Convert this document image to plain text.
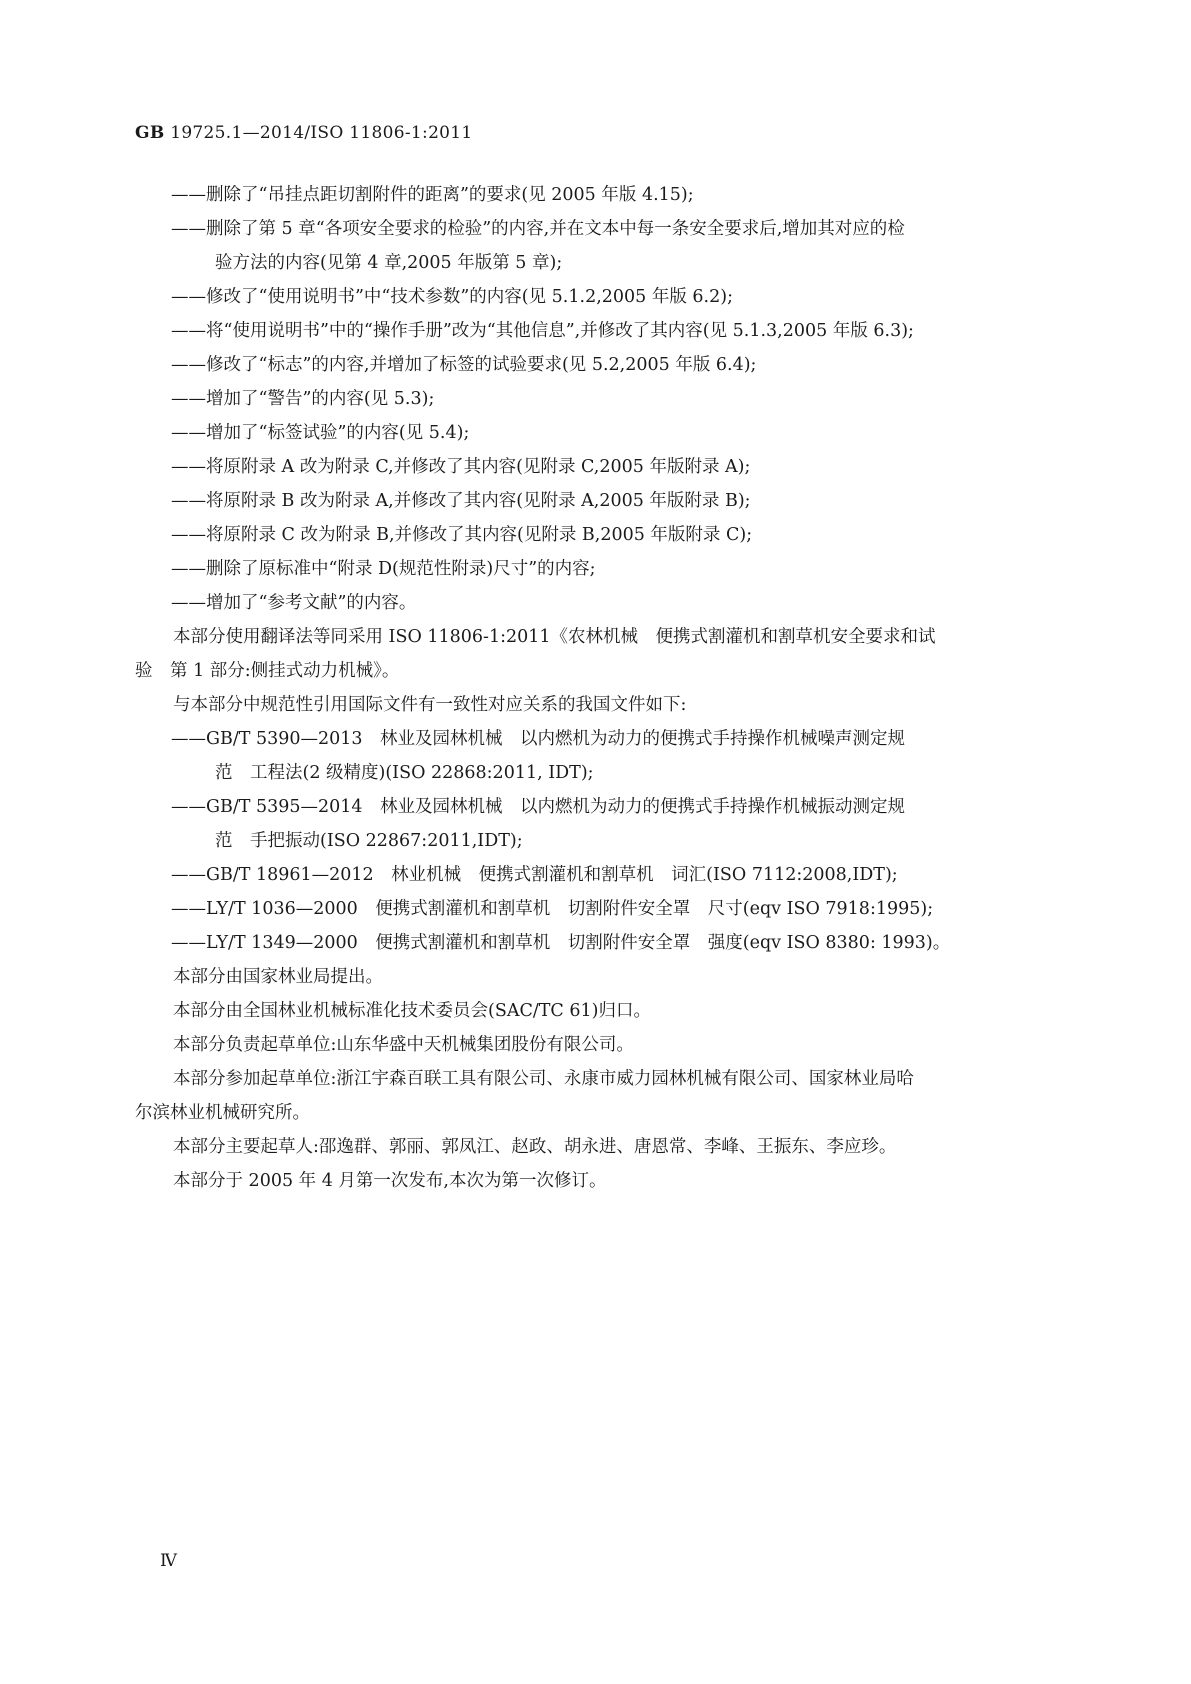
GB 19725.1—2014/ISO 11806-1:2011
——删除了“吊挂点距切割附件的距离”的要求(见 2005 年版 4.15);
——删除了第 5 章“各项安全要求的检验”的内容,并在文本中每一条安全要求后,增加其对应的检
验方法的内容(见第 4 章,2005 年版第 5 章);
——修改了“使用说明书”中“技术参数”的内容(见 5.1.2,2005 年版 6.2);
——将“使用说明书”中的“操作手册”改为“其他信息”,并修改了其内容(见 5.1.3,2005 年版 6.3);
——修改了“标志”的内容,并增加了标签的试验要求(见 5.2,2005 年版 6.4);
——增加了“警告”的内容(见 5.3);
——增加了“标签试验”的内容(见 5.4);
——将原附录 A 改为附录 C,并修改了其内容(见附录 C,2005 年版附录 A);
——将原附录 B 改为附录 A,并修改了其内容(见附录 A,2005 年版附录 B);
——将原附录 C 改为附录 B,并修改了其内容(见附录 B,2005 年版附录 C);
——删除了原标准中“附录 D(规范性附录)尺寸”的内容;
——增加了“参考文献”的内容。
本部分使用翻译法等同采用 ISO 11806-1:2011《农林机械　便携式割灌机和割草机安全要求和试
验　第 1 部分:侧挂式动力机械》。
与本部分中规范性引用国际文件有一致性对应关系的我国文件如下:
——GB/T 5390—2013　林业及园林机械　以内燃机为动力的便携式手持操作机械噪声测定规
范　工程法(2 级精度)(ISO 22868:2011, IDT);
——GB/T 5395—2014　林业及园林机械　以内燃机为动力的便携式手持操作机械振动测定规
范　手把振动(ISO 22867:2011,IDT);
——GB/T 18961—2012　林业机械　便携式割灌机和割草机　词汇(ISO 7112:2008,IDT);
——LY/T 1036—2000　便携式割灌机和割草机　切割附件安全罩　尺寸(eqv ISO 7918:1995);
——LY/T 1349—2000　便携式割灌机和割草机　切割附件安全罩　强度(eqv ISO 8380: 1993)。
本部分由国家林业局提出。
本部分由全国林业机械标准化技术委员会(SAC/TC 61)归口。
本部分负责起草单位:山东华盛中天机械集团股份有限公司。
本部分参加起草单位:浙江宇森百联工具有限公司、永康市威力园林机械有限公司、国家林业局哈
尔滨林业机械研究所。
本部分主要起草人:邵逸群、郭丽、郭凤江、赵政、胡永进、唐恩常、李峰、王振东、李应珍。
本部分于 2005 年 4 月第一次发布,本次为第一次修订。
Ⅳ
